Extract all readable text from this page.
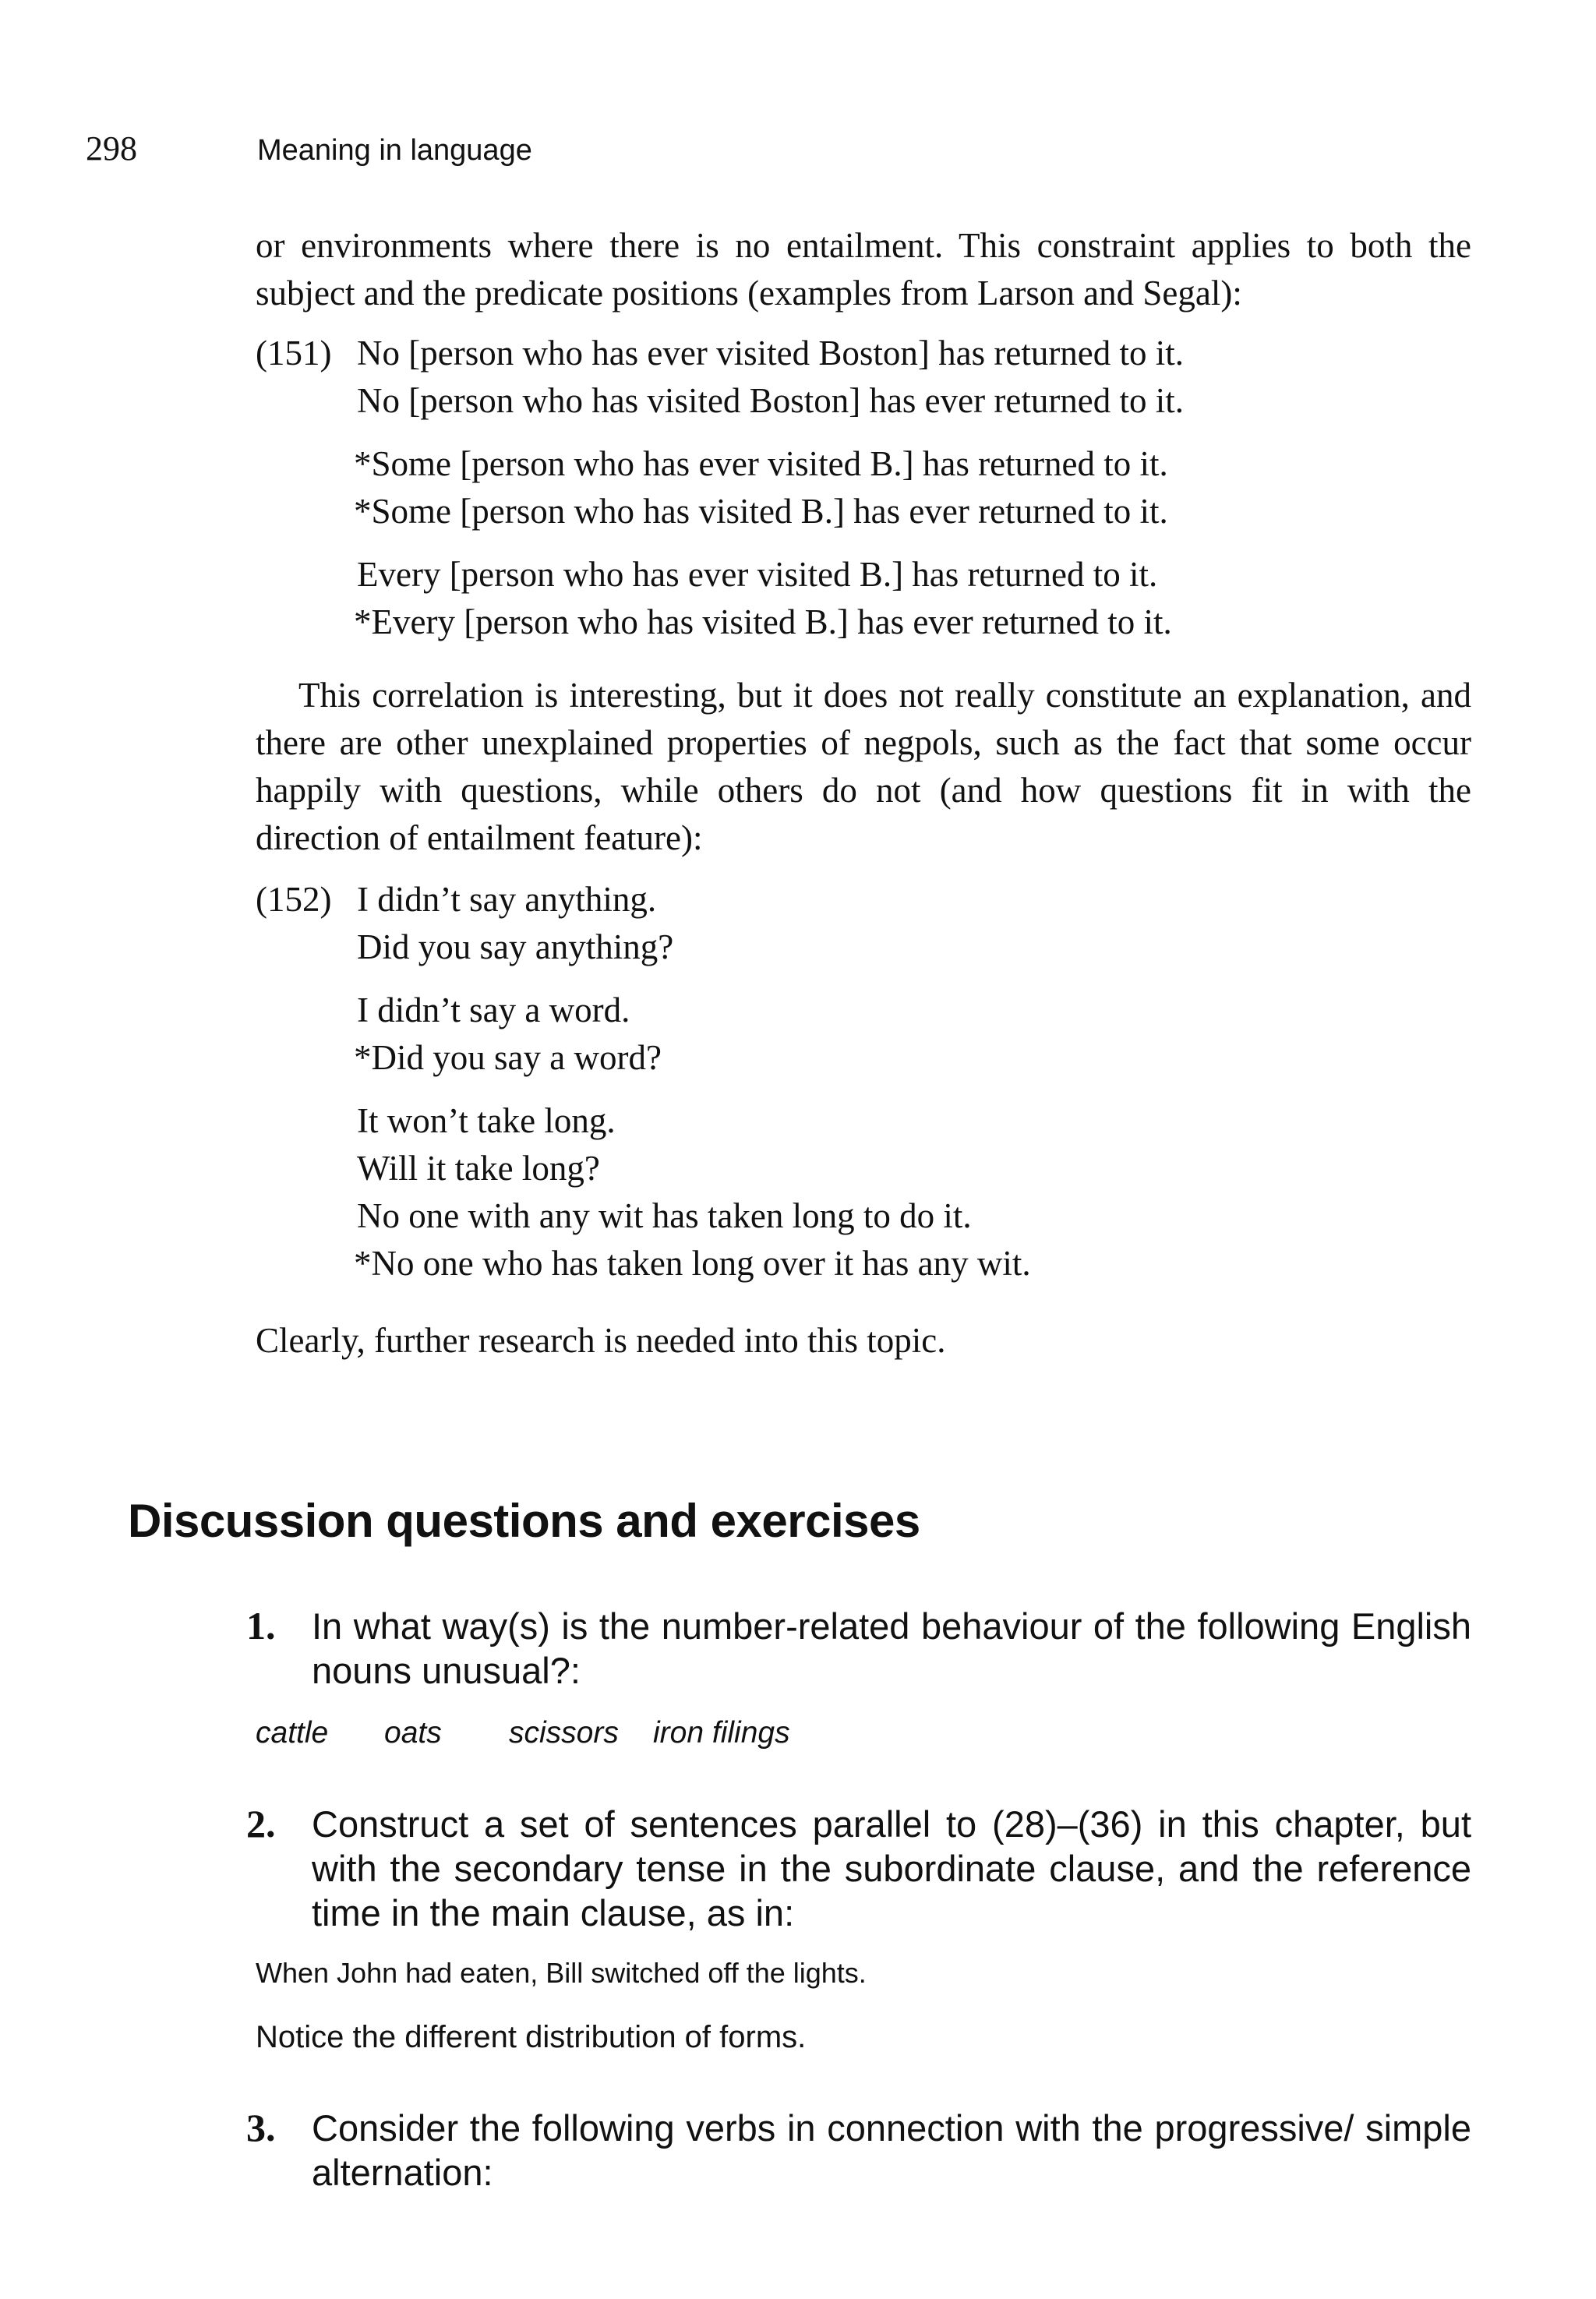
298	Meaning in language

or environments where there is no entailment. This constraint applies to both the subject and the predicate positions (examples from Larson and Segal):

(151) No [person who has ever visited Boston] has returned to it.
No [person who has visited Boston] has ever returned to it.
*Some [person who has ever visited B.] has returned to it.
*Some [person who has visited B.] has ever returned to it.
Every [person who has ever visited B.] has returned to it.
*Every [person who has visited B.] has ever returned to it.

This correlation is interesting, but it does not really constitute an explanation, and there are other unexplained properties of negpols, such as the fact that some occur happily with questions, while others do not (and how questions fit in with the direction of entailment feature):

(152) I didn’t say anything.
Did you say anything?
I didn’t say a word.
*Did you say a word?
It won’t take long.
Will it take long?
No one with any wit has taken long to do it.
*No one who has taken long over it has any wit.

Clearly, further research is needed into this topic.

Discussion questions and exercises
1. In what way(s) is the number-related behaviour of the following English nouns unusual?:
cattle oats scissors iron filings
2. Construct a set of sentences parallel to (28)–(36) in this chapter, but with the secondary tense in the subordinate clause, and the reference time in the main clause, as in:
When John had eaten, Bill switched off the lights.
Notice the different distribution of forms.
3. Consider the following verbs in connection with the progressive/ simple alternation:
